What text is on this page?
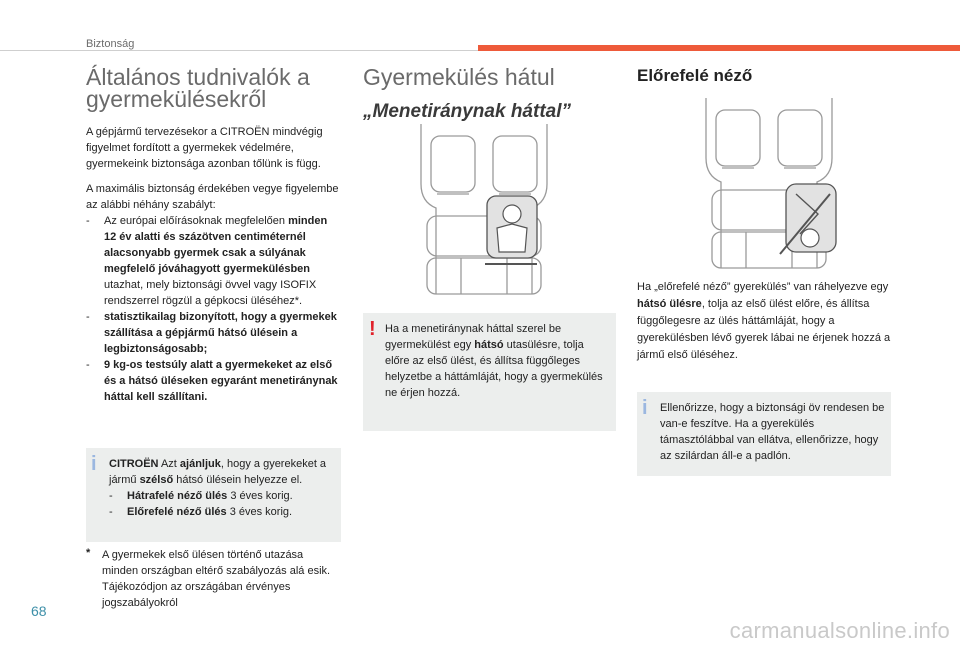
Biztonság
Általános tudnivalók a gyermekülésekről

A gépjármű tervezésekor a CITROËN mindvégig figyelmet fordított a gyermekek védelmére, gyermekeink biztonsága azonban tőlünk is függ.

A maximális biztonság érdekében vegye figyelembe az alábbi néhány szabályt:

- Az európai előírásoknak megfelelően minden 12 év alatti és százötven centiméternél alacsonyabb gyermek csak a súlyának megfelelő jóváhagyott gyermekülésben utazhat, mely biztonsági övvel vagy ISOFIX rendszerrel rögzül a gépkocsi üléséhez*.
- statisztikailag bizonyított, hogy a gyermekek szállítása a gépjármű hátsó ülésein a legbiztonságosabb;
- 9 kg-os testsúly alatt a gyermekeket az első és a hátsó üléseken egyaránt menetiránynak háttal kell szállítani.
i CITROËN Azt ajánljuk, hogy a gyerekeket a jármű szélső hátsó ülésein helyezze el.
- Hátrafelé néző ülés 3 éves korig.
- Előrefelé néző ülés 3 éves korig.
*	A gyermekek első ülésen történő utazása minden országban eltérő szabályozás alá esik. Tájékozódjon az országában érvényes jogszabályokról
Gyermekülés hátul
„Menetiránynak háttal”
! Ha a menetiránynak háttal szerel be gyermekülést egy hátsó utasülésre, tolja előre az első ülést, és állítsa függőleges helyzetbe a háttámláját, hogy a gyermekülés ne érjen hozzá.
Előrefelé néző
Ha „előrefelé néző” gyerekülés” van ráhelyezve egy hátsó ülésre, tolja az első ülést előre, és állítsa függőlegesre az ülés háttámláját, hogy a gyerekülésben lévő gyerek lábai ne érjenek hozzá a jármű első üléséhez.
i Ellenőrizze, hogy a biztonsági öv rendesen be van-e feszítve. Ha a gyerekülés támasztólábbal van ellátva, ellenőrizze, hogy az szilárdan áll-e a padlón.
68
carmanualsonline.info
